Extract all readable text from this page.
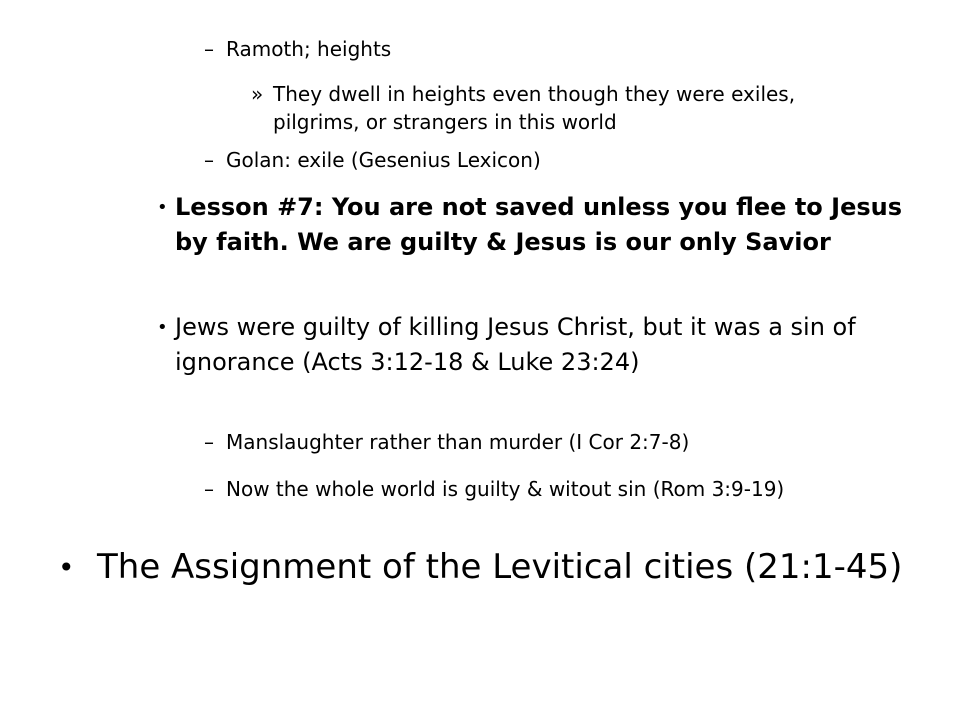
– Ramoth; heights
» They dwell in heights even though they were exiles, pilgrims, or strangers in this world
– Golan: exile (Gesenius Lexicon)
• Lesson #7: You are not saved unless you flee to Jesus by faith. We are guilty & Jesus is our only Savior
• Jews were guilty of killing Jesus Christ, but it was a sin of ignorance (Acts 3:12-18 & Luke 23:24)
– Manslaughter rather than murder (I Cor 2:7-8)
– Now the whole world is guilty & witout sin (Rom 3:9-19)
• The Assignment of the Levitical cities (21:1-45)
